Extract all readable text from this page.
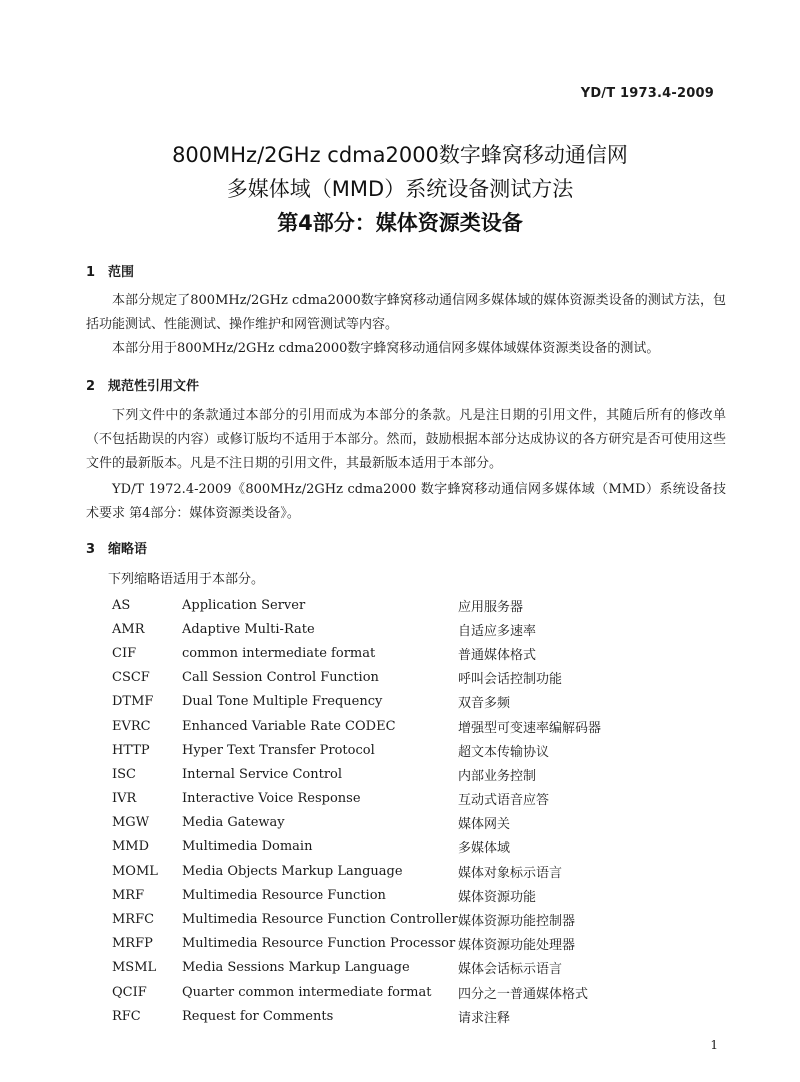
YD/T 1973.4-2009
800MHz/2GHz cdma2000数字蜂窝移动通信网
多媒体域（MMD）系统设备测试方法
第4部分：媒体资源类设备
1 范围
本部分规定了800MHz/2GHz cdma2000数字蜂窝移动通信网多媒体域的媒体资源类设备的测试方法，包括功能测试、性能测试、操作维护和网管测试等内容。
本部分用于800MHz/2GHz cdma2000数字蜂窝移动通信网多媒体域媒体资源类设备的测试。
2 规范性引用文件
下列文件中的条款通过本部分的引用而成为本部分的条款。凡是注日期的引用文件，其随后所有的修改单（不包括勘误的内容）或修订版均不适用于本部分。然而，鼓励根据本部分达成协议的各方研究是否可使用这些文件的最新版本。凡是不注日期的引用文件，其最新版本适用于本部分。
YD/T 1972.4-2009《800MHz/2GHz cdma2000 数字蜂窝移动通信网多媒体域（MMD）系统设备技术要求 第4部分：媒体资源类设备》。
3 缩略语
下列缩略语适用于本部分。
AS	Application Server	应用服务器
AMR	Adaptive Multi-Rate	自适应多速率
CIF	common intermediate format	普通媒体格式
CSCF	Call Session Control Function	呼叫会话控制功能
DTMF	Dual Tone Multiple Frequency	双音多频
EVRC	Enhanced Variable Rate CODEC	增强型可变速率编解码器
HTTP	Hyper Text Transfer Protocol	超文本传输协议
ISC	Internal Service Control	内部业务控制
IVR	Interactive Voice Response	互动式语音应答
MGW	Media Gateway	媒体网关
MMD	Multimedia Domain	多媒体域
MOML	Media Objects Markup Language	媒体对象标示语言
MRF	Multimedia Resource Function	媒体资源功能
MRFC	Multimedia Resource Function Controller 媒体资源功能控制器
MRFP	Multimedia Resource Function Processor 媒体资源功能处理器
MSML	Media Sessions Markup Language	媒体会话标示语言
QCIF	Quarter common intermediate format	四分之一普通媒体格式
RFC	Request for Comments	请求注释
1
